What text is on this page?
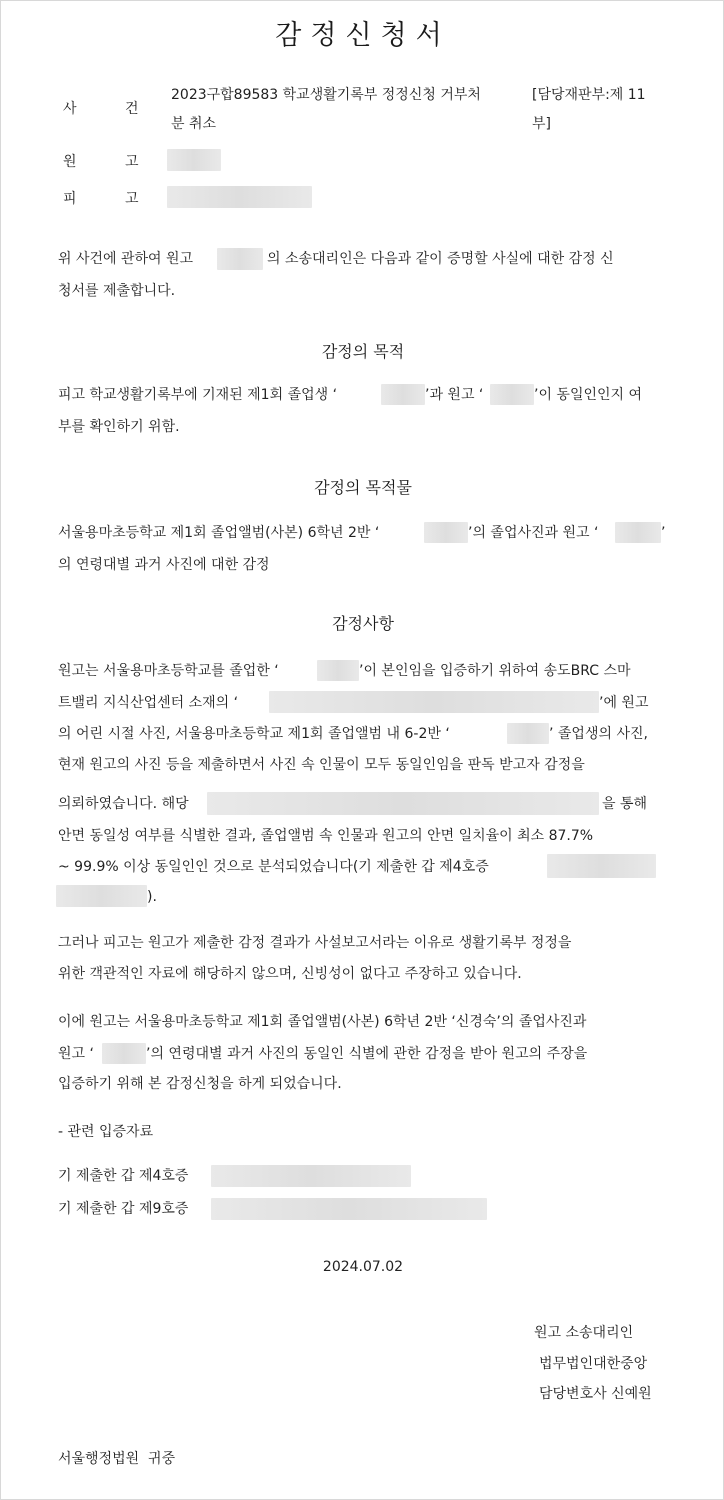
감정신청서
사	건
2023구합89583 학교생활기록부 정정신청 거부처
분 취소
[담당재판부:제 11
부]
원	고
피	고
위 사건에 관하여 원고	의 소송대리인은 다음과 같이 증명할 사실에 대한 감정 신
청서를 제출합니다.
감정의 목적
피고 학교생활기록부에 기재된 제1회 졸업생 ‘	’과 원고 ‘	’이 동일인인지 여
부를 확인하기 위함.
감정의 목적물
서울용마초등학교 제1회 졸업앨범(사본) 6학년 2반 ‘	’의 졸업사진과 원고 ‘	’
의 연령대별 과거 사진에 대한 감정
감정사항
원고는 서울용마초등학교를 졸업한 ‘	’이 본인임을 입증하기 위하여 송도BRC 스마
트밸리 지식산업센터 소재의 ‘	’에 원고
의 어린 시절 사진, 서울용마초등학교 제1회 졸업앨범 내 6-2반 ‘	’ 졸업생의 사진,
현재 원고의 사진 등을 제출하면서 사진 속 인물이 모두 동일인임을 판독 받고자 감정을
의뢰하였습니다. 해당	을 통해
안면 동일성 여부를 식별한 결과, 졸업앨범 속 인물과 원고의 안면 일치율이 최소 87.7%
~ 99.9% 이상 동일인인 것으로 분석되었습니다(기 제출한 갑 제4호증
).
그러나 피고는 원고가 제출한 감정 결과가 사설보고서라는 이유로 생활기록부 정정을
위한 객관적인 자료에 해당하지 않으며, 신빙성이 없다고 주장하고 있습니다.
이에 원고는 서울용마초등학교 제1회 졸업앨범(사본) 6학년 2반 ‘신경숙’의 졸업사진과
원고 ‘	’의 연령대별 과거 사진의 동일인 식별에 관한 감정을 받아 원고의 주장을
입증하기 위해 본 감정신청을 하게 되었습니다.
- 관련 입증자료
기 제출한 갑 제4호증
기 제출한 갑 제9호증
2024.07.02
원고 소송대리인
법무법인대한중앙
담당변호사 신예원
서울행정법원  귀중
